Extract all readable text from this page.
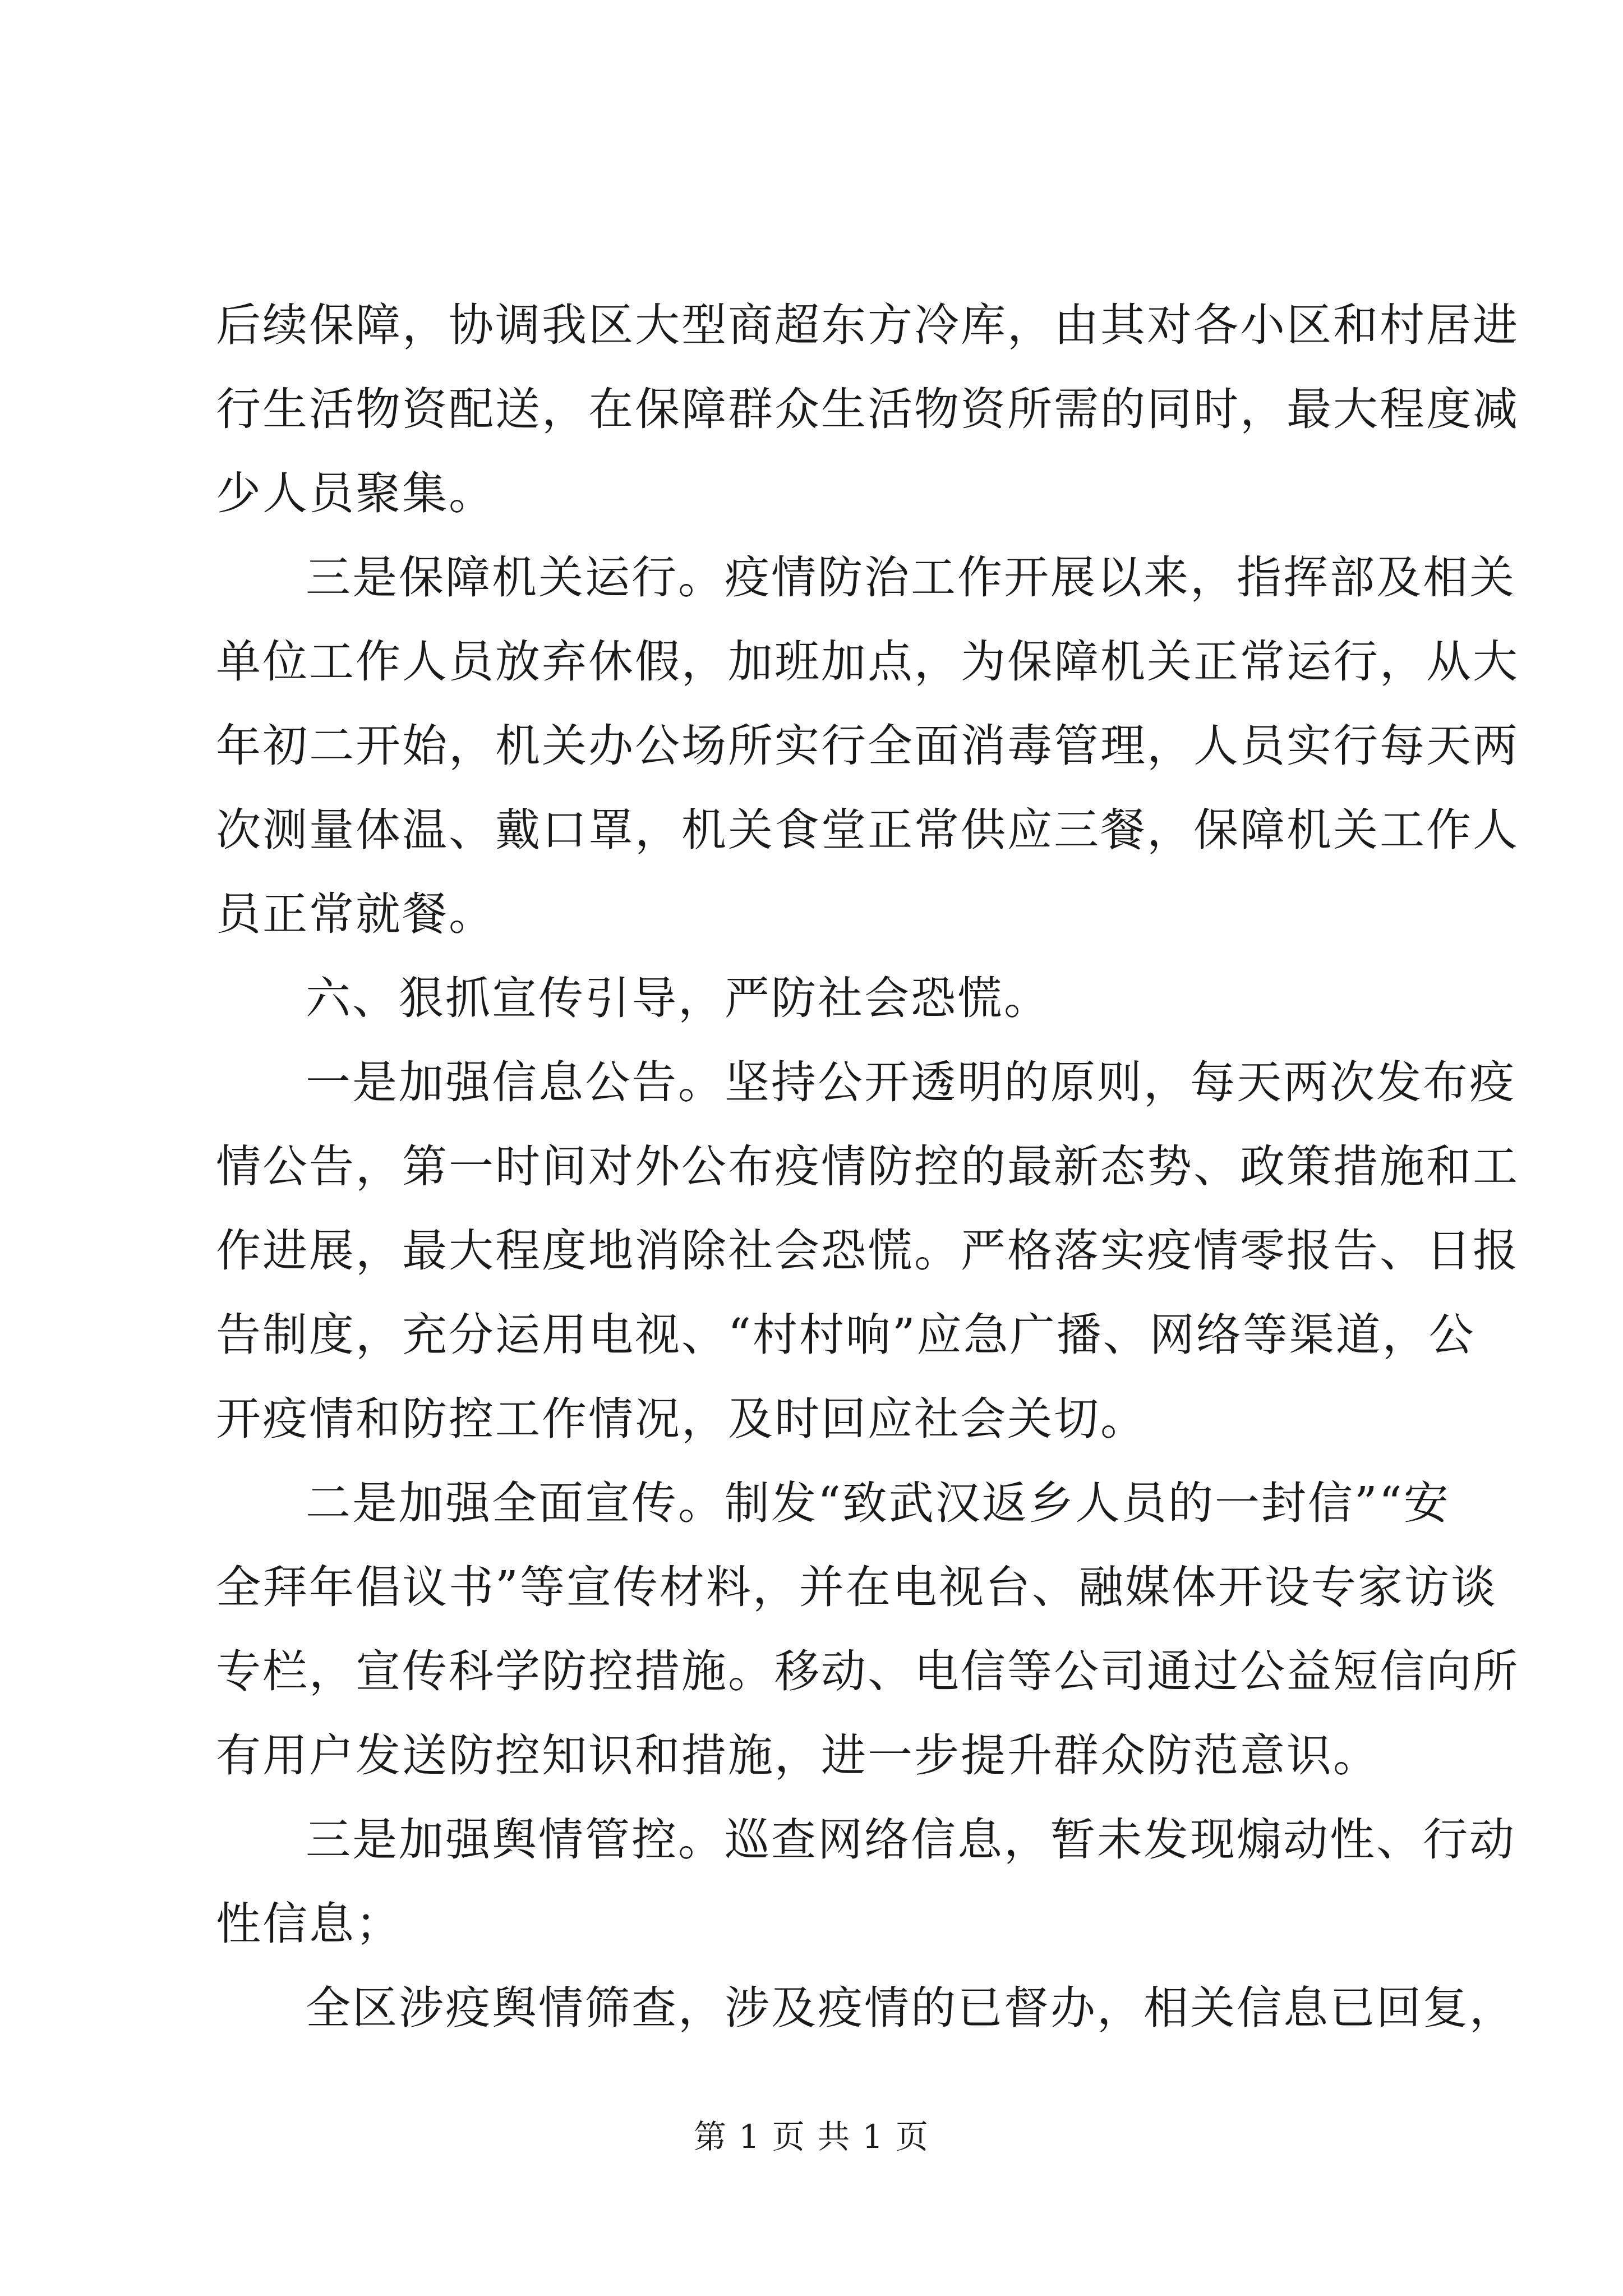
后续保障，协调我区大型商超东方冷库，由其对各小区和村居进
行生活物资配送，在保障群众生活物资所需的同时，最大程度减
少人员聚集。
三是保障机关运行。疫情防治工作开展以来，指挥部及相关
单位工作人员放弃休假，加班加点，为保障机关正常运行，从大
年初二开始，机关办公场所实行全面消毒管理，人员实行每天两
次测量体温、戴口罩，机关食堂正常供应三餐，保障机关工作人
员正常就餐。
六、狠抓宣传引导，严防社会恐慌。
一是加强信息公告。坚持公开透明的原则，每天两次发布疫
情公告，第一时间对外公布疫情防控的最新态势、政策措施和工
作进展，最大程度地消除社会恐慌。严格落实疫情零报告、日报
告制度，充分运用电视、“村村响”应急广播、网络等渠道，公
开疫情和防控工作情况，及时回应社会关切。
二是加强全面宣传。制发“致武汉返乡人员的一封信”“安
全拜年倡议书”等宣传材料，并在电视台、融媒体开设专家访谈
专栏，宣传科学防控措施。移动、电信等公司通过公益短信向所
有用户发送防控知识和措施，进一步提升群众防范意识。
三是加强舆情管控。巡查网络信息，暂未发现煽动性、行动
性信息；
全区涉疫舆情筛查，涉及疫情的已督办，相关信息已回复，
第 1 页 共 1 页
